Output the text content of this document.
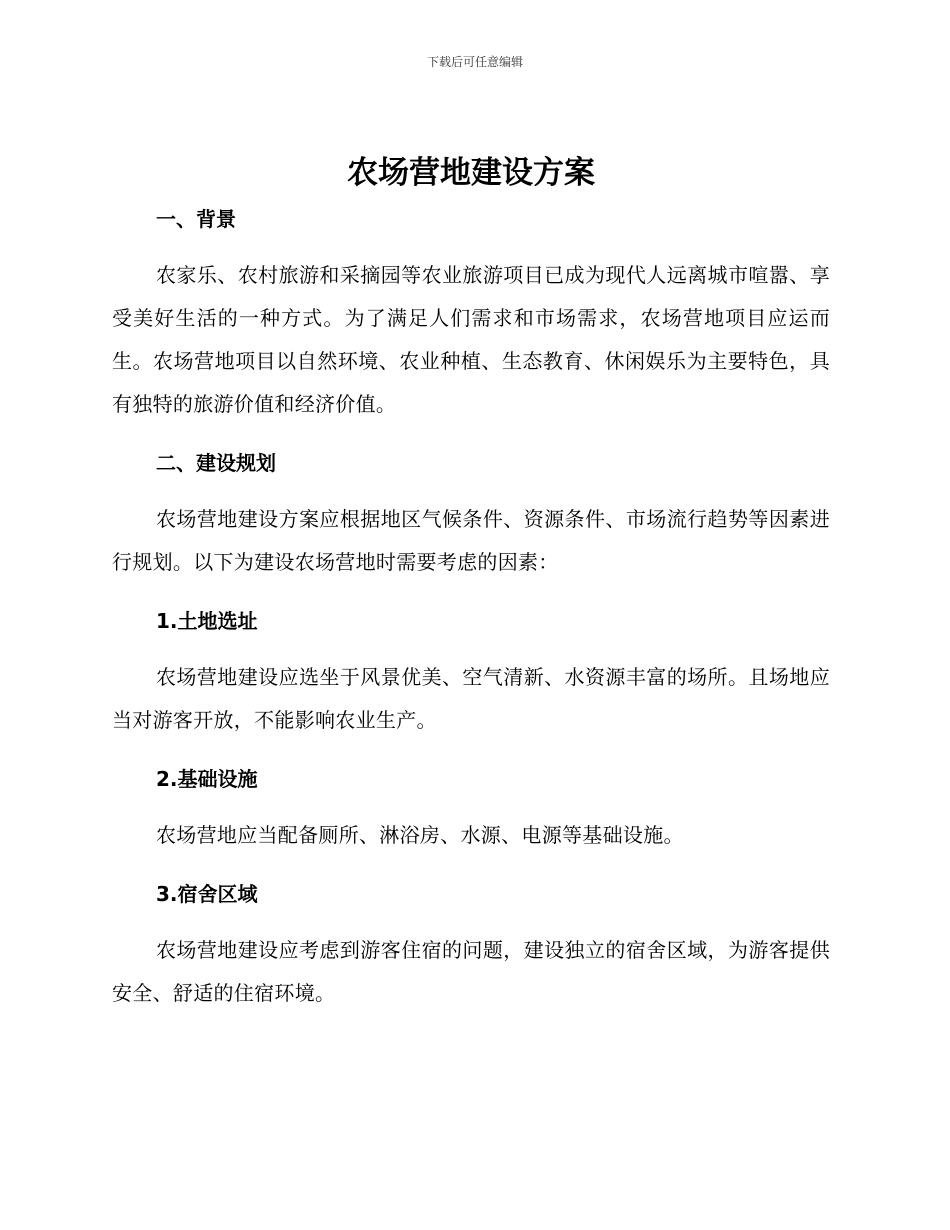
下载后可任意编辑
农场营地建设方案
一、背景

农家乐、农村旅游和采摘园等农业旅游项目已成为现代人远离城市喧嚣、享受美好生活的一种方式。为了满足人们需求和市场需求，农场营地项目应运而生。农场营地项目以自然环境、农业种植、生态教育、休闲娱乐为主要特色，具有独特的旅游价值和经济价值。

二、建设规划

农场营地建设方案应根据地区气候条件、资源条件、市场流行趋势等因素进行规划。以下为建设农场营地时需要考虑的因素：

1.土地选址

农场营地建设应选坐于风景优美、空气清新、水资源丰富的场所。且场地应当对游客开放，不能影响农业生产。

2.基础设施

农场营地应当配备厕所、淋浴房、水源、电源等基础设施。

3.宿舍区域

农场营地建设应考虑到游客住宿的问题，建设独立的宿舍区域，为游客提供安全、舒适的住宿环境。
